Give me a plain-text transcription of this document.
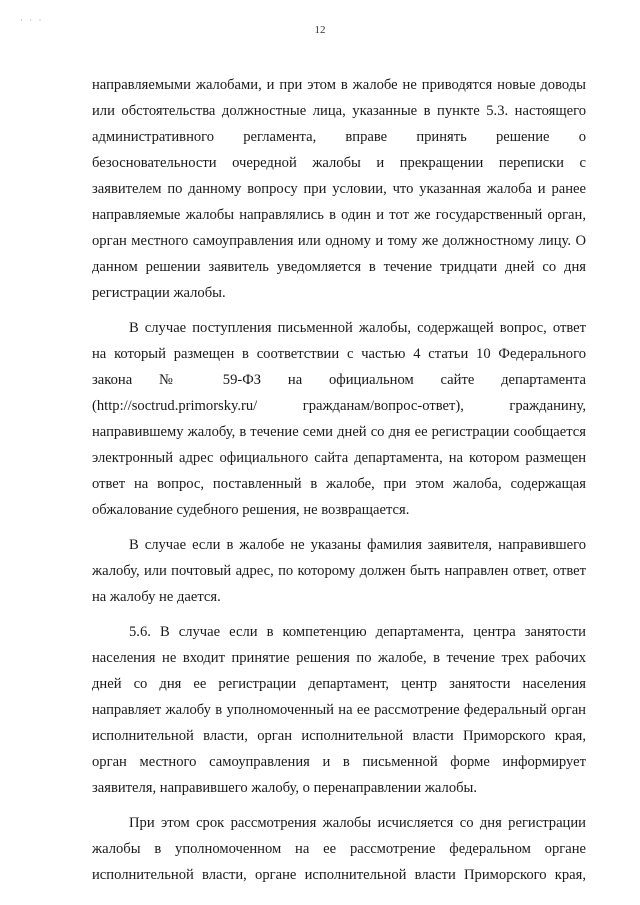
· · ·
12

направляемыми жалобами, и при этом в жалобе не приводятся новые доводы или обстоятельства должностные лица, указанные в пункте 5.3. настоящего административного регламента, вправе принять решение о безосновательности очередной жалобы и прекращении переписки с заявителем по данному вопросу при условии, что указанная жалоба и ранее направляемые жалобы направлялись в один и тот же государственный орган, орган местного самоуправления или одному и тому же должностному лицу. О данном решении заявитель уведомляется в течение тридцати дней со дня регистрации жалобы.

В случае поступления письменной жалобы, содержащей вопрос, ответ на который размещен в соответствии с частью 4 статьи 10 Федерального закона № 59-ФЗ на официальном сайте департамента (http://soctrud.primorsky.ru/ гражданам/вопрос-ответ), гражданину, направившему жалобу, в течение семи дней со дня ее регистрации сообщается электронный адрес официального сайта департамента, на котором размещен ответ на вопрос, поставленный в жалобе, при этом жалоба, содержащая обжалование судебного решения, не возвращается.

В случае если в жалобе не указаны фамилия заявителя, направившего жалобу, или почтовый адрес, по которому должен быть направлен ответ, ответ на жалобу не дается.

5.6. В случае если в компетенцию департамента, центра занятости населения не входит принятие решения по жалобе, в течение трех рабочих дней со дня ее регистрации департамент, центр занятости населения направляет жалобу в уполномоченный на ее рассмотрение федеральный орган исполнительной власти, орган исполнительной власти Приморского края, орган местного самоуправления и в письменной форме информирует заявителя, направившего жалобу, о перенаправлении жалобы.

При этом срок рассмотрения жалобы исчисляется со дня регистрации жалобы в уполномоченном на ее рассмотрение федеральном органе исполнительной власти, органе исполнительной власти Приморского края,
